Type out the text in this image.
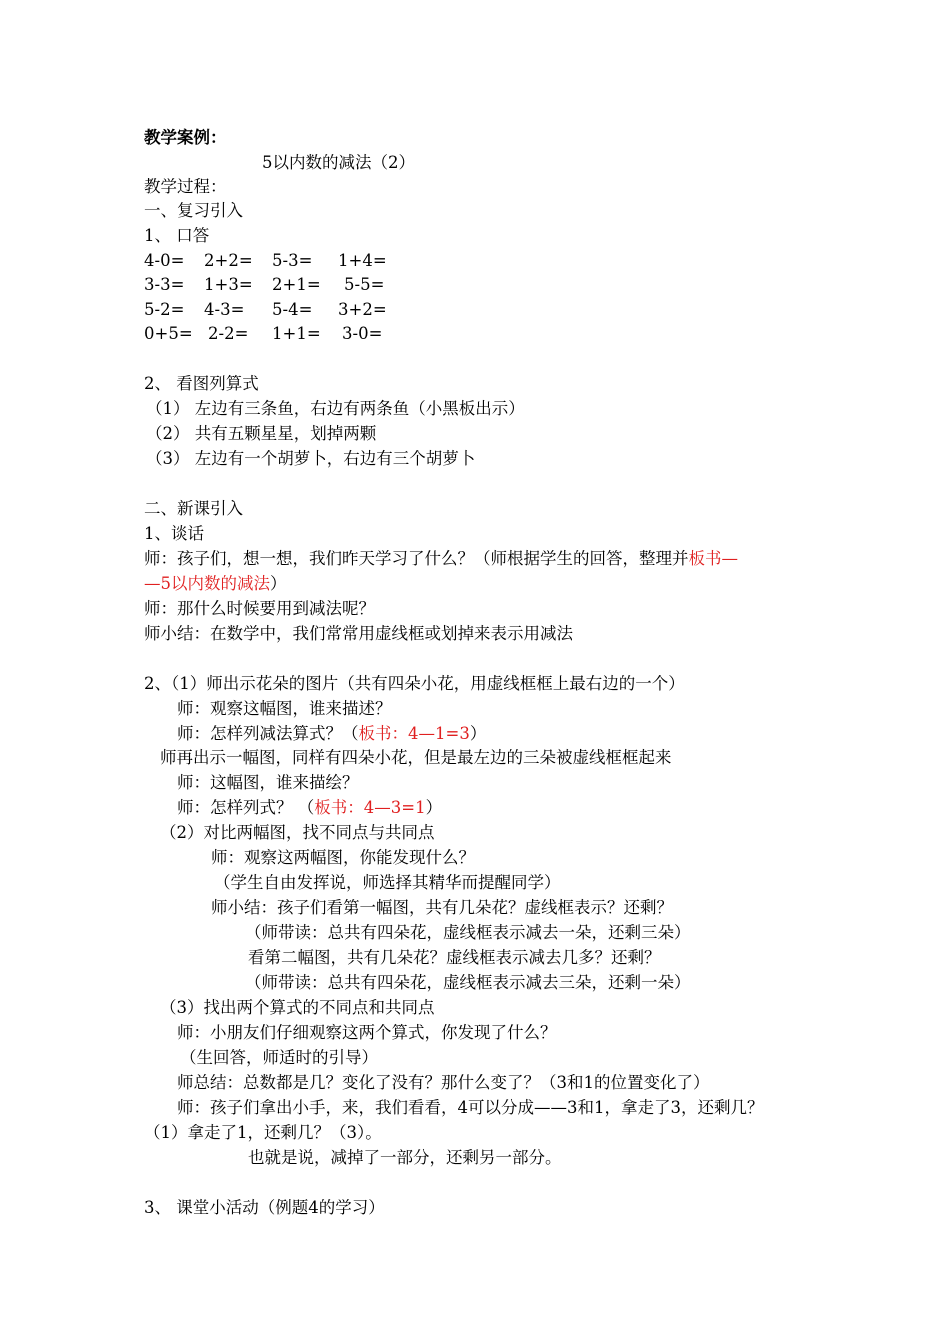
教学案例：
5以内数的减法（2）
教学过程：
一、复习引入
1、 口答
4-0= 2+2= 5-3= 1+4=
3-3= 1+3= 2+1= 5-5=
5-2= 4-3= 5-4= 3+2=
0+5= 2-2= 1+1= 3-0=
2、 看图列算式
（1） 左边有三条鱼，右边有两条鱼（小黑板出示）
（2） 共有五颗星星，划掉两颗
（3） 左边有一个胡萝卜，右边有三个胡萝卜
二、新课引入
1、谈话
师：孩子们，想一想，我们昨天学习了什么？（师根据学生的回答，整理并板书—
—5以内数的减法）
师：那什么时候要用到减法呢？
师小结：在数学中，我们常常用虚线框或划掉来表示用减法
2、（1）师出示花朵的图片（共有四朵小花，用虚线框框上最右边的一个）
师：观察这幅图，谁来描述？
师：怎样列减法算式？（板书：4—1=3）
师再出示一幅图，同样有四朵小花，但是最左边的三朵被虚线框框起来
师：这幅图，谁来描绘？
师：怎样列式？ （板书：4—3=1）
（2）对比两幅图，找不同点与共同点
师：观察这两幅图，你能发现什么？
（学生自由发挥说，师选择其精华而提醒同学）
师小结：孩子们看第一幅图，共有几朵花？虚线框表示？还剩？
（师带读：总共有四朵花，虚线框表示减去一朵，还剩三朵）
看第二幅图，共有几朵花？虚线框表示减去几多？还剩？
（师带读：总共有四朵花，虚线框表示减去三朵，还剩一朵）
（3）找出两个算式的不同点和共同点
师：小朋友们仔细观察这两个算式，你发现了什么？
（生回答，师适时的引导）
师总结：总数都是几？变化了没有？那什么变了？（3和1的位置变化了）
师：孩子们拿出小手，来，我们看看，4可以分成——3和1，拿走了3，还剩几？
（1）拿走了1，还剩几？（3）。
也就是说，减掉了一部分，还剩另一部分。
3、 课堂小活动（例题4的学习）
